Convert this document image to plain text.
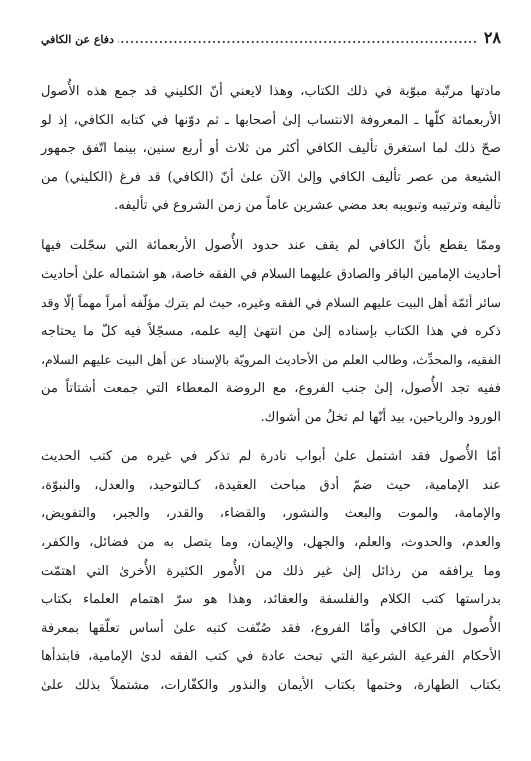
٢٨
.....
دفاع عن الكافي

مادتها مرتّبة مبوّبة في ذلك الكتاب، وهذا لايعني أنّ الكليني قد جمع هذه الأُصول
الأربعمائة كلّها ـ المعروفة الانتساب إلىٰ أصحابها ـ ثم دوّنها في كتابه الكافي، إذ لو
صحّ ذلك لما استغرق تأليف الكافي أكثر من ثلاث أو أربع سنين، بينما اتّفق جمهور
الشيعة من عصر تأليف الكافي وإلىٰ الآن علىٰ أنّ (الكافي) قد فرغ (الكليني) من
تأليفه وترتيبه وتبويبه بعد مضي عشرين عاماً من زمن الشروع في تأليفه.

وممّا يقطع بأنّ الكافي لم يقف عند حدود الأُصول الأربعمائة التي سجّلت فيها
أحاديث الإمامين الباقر والصادق عليهما السلام في الفقه خاصة، هو اشتماله علىٰ أحاديث
سائر أئمّة أهل البيت عليهم السلام في الفقه وغيره، حيث لم يترك مؤلّفه أمراً مهماً إلّا وقد
ذكره في هذا الكتاب بإسناده إلىٰ من انتهىٰ إليه علمه، مسجّلاً فيه كلّ ما يحتاجه
الفقيه، والمحدِّث، وطالب العلم من الأحاديث المرويّة بالإسناد عن أهل البيت عليهم السلام،
ففيه تجد الأُصول، إلىٰ جنب الفروع، مع الروضة المعطاء التي جمعت أشتاتاً من
الورود والرياحين، بيد أنّها لم تخلُ من أشواك.

أمّا الأُصول فقد اشتمل علىٰ أبواب نادرة لم تذكر في غيره من كتب الحديث
عند الإمامية، حيث ضمّ أدق مباحث العقيدة، كـالتوحيد، والعدل، والنبوّة،
والإمامة، والموت والبعث والنشور، والقضاء، والقدر، والجبر، والتفويض،
والعدم، والحدوث، والعلم، والجهل، والإيمان، وما يتصل به من فضائل، والكفر،
وما يرافقه من رذائل إلىٰ غير ذلك من الأُمور الكثيرة الأُخرىٰ التي اهتمّت
بدراستها كتب الكلام والفلسفة والعقائد، وهذا هو سرّ اهتمام العلماء بكتاب
الأُصول من الكافي وأمّا الفروع، فقد صُنّفت كتبه علىٰ أساس تعلّقها بمعرفة
الأحكام الفرعية الشرعية التي تبحث عادة في كتب الفقه لدىٰ الإمامية، فابتدأها
بكتاب الطهارة، وختمها بكتاب الأيمان والنذور والكفّارات، مشتملاً بذلك علىٰ
